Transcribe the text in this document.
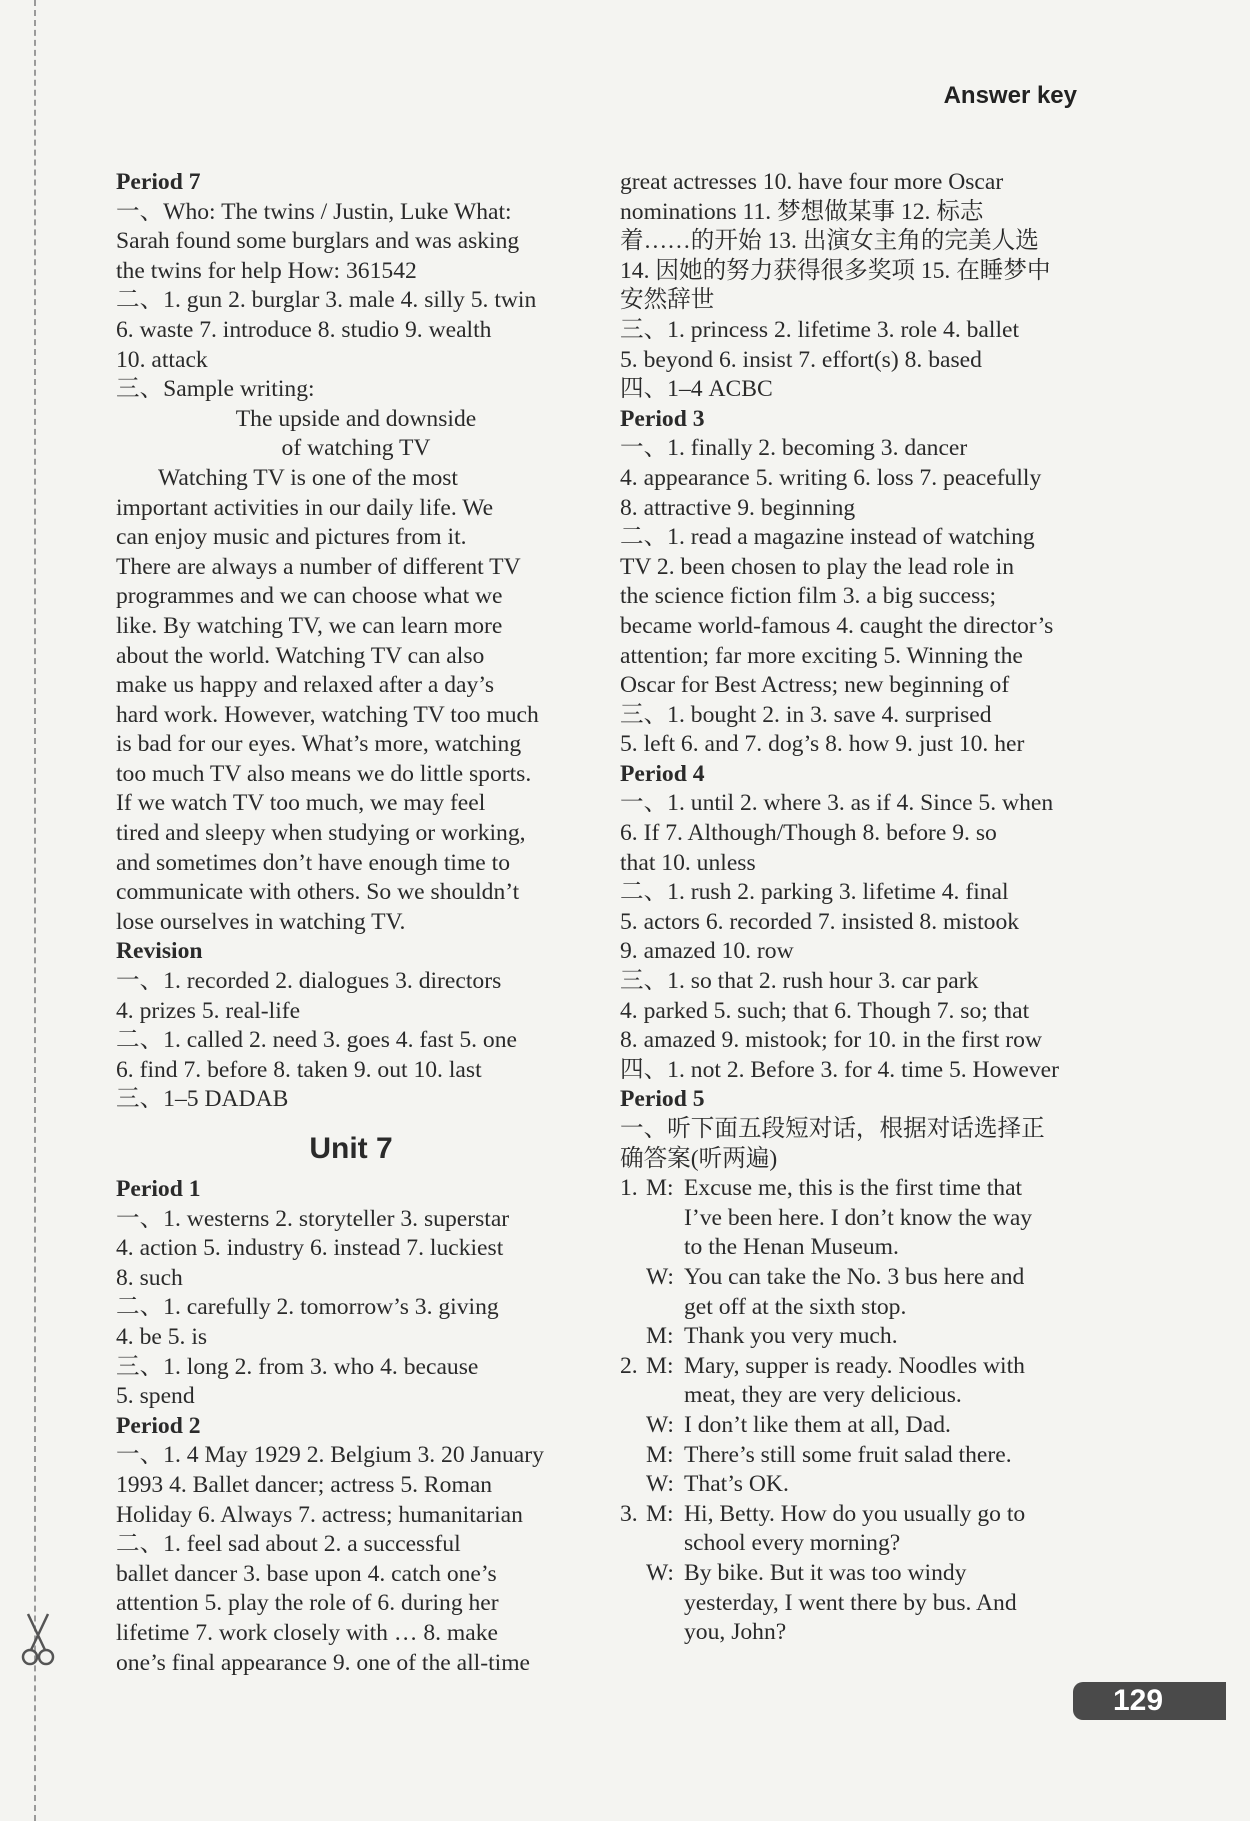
Answer key
Period 7
一、Who: The twins / Justin, Luke What:
Sarah found some burglars and was asking
the twins for help How: 361542
二、1. gun 2. burglar 3. male 4. silly 5. twin
6. waste 7. introduce 8. studio 9. wealth
10. attack
三、Sample writing:
The upside and downside
of watching TV
Watching TV is one of the most
important activities in our daily life. We
can enjoy music and pictures from it.
There are always a number of different TV
programmes and we can choose what we
like. By watching TV, we can learn more
about the world. Watching TV can also
make us happy and relaxed after a day’s
hard work. However, watching TV too much
is bad for our eyes. What’s more, watching
too much TV also means we do little sports.
If we watch TV too much, we may feel
tired and sleepy when studying or working,
and sometimes don’t have enough time to
communicate with others. So we shouldn’t
lose ourselves in watching TV.
Revision
一、1. recorded 2. dialogues 3. directors
4. prizes 5. real-life
二、1. called 2. need 3. goes 4. fast 5. one
6. find 7. before 8. taken 9. out 10. last
三、1–5 DADAB
Unit 7
Period 1
一、1. westerns 2. storyteller 3. superstar
4. action 5. industry 6. instead 7. luckiest
8. such
二、1. carefully 2. tomorrow’s 3. giving
4. be 5. is
三、1. long 2. from 3. who 4. because
5. spend
Period 2
一、1. 4 May 1929 2. Belgium 3. 20 January
1993 4. Ballet dancer; actress 5. Roman
Holiday 6. Always 7. actress; humanitarian
二、1. feel sad about 2. a successful
ballet dancer 3. base upon 4. catch one’s
attention 5. play the role of 6. during her
lifetime 7. work closely with … 8. make
one’s final appearance 9. one of the all-time
great actresses 10. have four more Oscar
nominations 11. 梦想做某事 12. 标志
着……的开始 13. 出演女主角的完美人选
14. 因她的努力获得很多奖项 15. 在睡梦中
安然辞世
三、1. princess 2. lifetime 3. role 4. ballet
5. beyond 6. insist 7. effort(s) 8. based
四、1–4 ACBC
Period 3
一、1. finally 2. becoming 3. dancer
4. appearance 5. writing 6. loss 7. peacefully
8. attractive 9. beginning
二、1. read a magazine instead of watching
TV 2. been chosen to play the lead role in
the science fiction film 3. a big success;
became world-famous 4. caught the director’s
attention; far more exciting 5. Winning the
Oscar for Best Actress; new beginning of
三、1. bought 2. in 3. save 4. surprised
5. left 6. and 7. dog’s 8. how 9. just 10. her
Period 4
一、1. until 2. where 3. as if 4. Since 5. when
6. If 7. Although/Though 8. before 9. so
that 10. unless
二、1. rush 2. parking 3. lifetime 4. final
5. actors 6. recorded 7. insisted 8. mistook
9. amazed 10. row
三、1. so that 2. rush hour 3. car park
4. parked 5. such; that 6. Though 7. so; that
8. amazed 9. mistook; for 10. in the first row
四、1. not 2. Before 3. for 4. time 5. However
Period 5
一、听下面五段短对话，根据对话选择正
确答案(听两遍)
1. M: Excuse me, this is the first time that
I’ve been here. I don’t know the way
to the Henan Museum.
W: You can take the No. 3 bus here and
get off at the sixth stop.
M: Thank you very much.
2. M: Mary, supper is ready. Noodles with
meat, they are very delicious.
W: I don’t like them at all, Dad.
M: There’s still some fruit salad there.
W: That’s OK.
3. M: Hi, Betty. How do you usually go to
school every morning?
W: By bike. But it was too windy
yesterday, I went there by bus. And
you, John?
129
